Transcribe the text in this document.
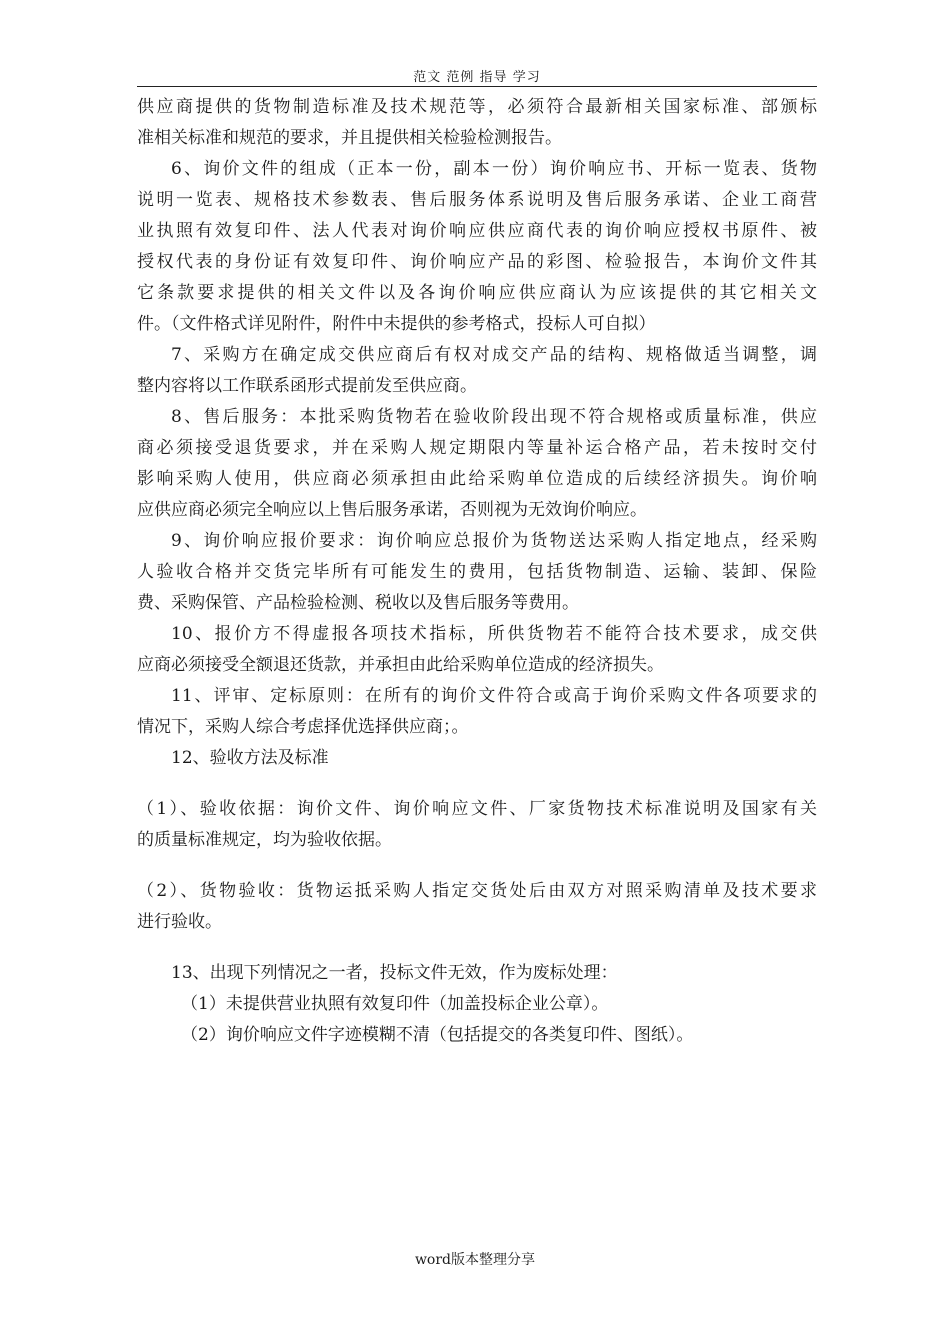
范文 范例 指导 学习
供应商提供的货物制造标准及技术规范等，必须符合最新相关国家标准、部颁标
准相关标准和规范的要求，并且提供相关检验检测报告。
6、询价文件的组成（正本一份，副本一份）询价响应书、开标一览表、货物
说明一览表、规格技术参数表、售后服务体系说明及售后服务承诺、企业工商营
业执照有效复印件、法人代表对询价响应供应商代表的询价响应授权书原件、被
授权代表的身份证有效复印件、询价响应产品的彩图、检验报告，本询价文件其
它条款要求提供的相关文件以及各询价响应供应商认为应该提供的其它相关文
件。（文件格式详见附件，附件中未提供的参考格式，投标人可自拟）
7、采购方在确定成交供应商后有权对成交产品的结构、规格做适当调整，调
整内容将以工作联系函形式提前发至供应商。
8、售后服务：本批采购货物若在验收阶段出现不符合规格或质量标准，供应
商必须接受退货要求，并在采购人规定期限内等量补运合格产品，若未按时交付
影响采购人使用，供应商必须承担由此给采购单位造成的后续经济损失。询价响
应供应商必须完全响应以上售后服务承诺，否则视为无效询价响应。
9、询价响应报价要求：询价响应总报价为货物送达采购人指定地点，经采购
人验收合格并交货完毕所有可能发生的费用，包括货物制造、运输、装卸、保险
费、采购保管、产品检验检测、税收以及售后服务等费用。
10、报价方不得虚报各项技术指标，所供货物若不能符合技术要求，成交供
应商必须接受全额退还货款，并承担由此给采购单位造成的经济损失。
11、评审、定标原则：在所有的询价文件符合或高于询价采购文件各项要求的
情况下，采购人综合考虑择优选择供应商；。
12、验收方法及标准
（1）、验收依据：询价文件、询价响应文件、厂家货物技术标准说明及国家有关
的质量标准规定，均为验收依据。
（2）、货物验收：货物运抵采购人指定交货处后由双方对照采购清单及技术要求
进行验收。
13、出现下列情况之一者，投标文件无效，作为废标处理：
（1）未提供营业执照有效复印件（加盖投标企业公章）。
（2）询价响应文件字迹模糊不清（包括提交的各类复印件、图纸）。
word版本整理分享
